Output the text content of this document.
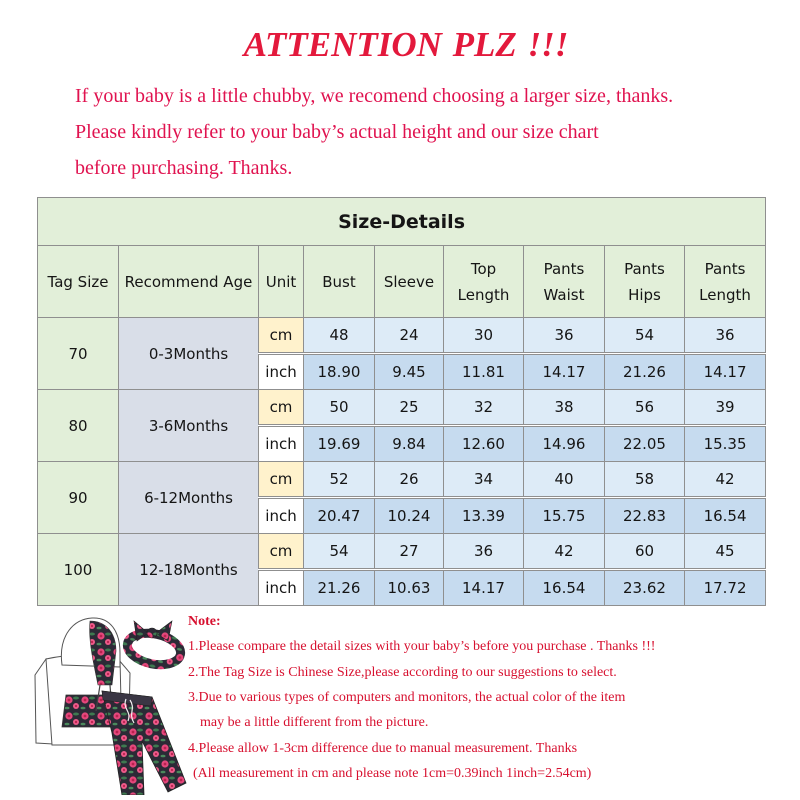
ATTENTION PLZ !!!
If your baby is a little chubby, we recomend choosing a larger size, thanks.
Please kindly refer to your baby’s actual height and our size chart
before purchasing. Thanks.
Size-Details								
Tag Size	Recommend Age	Unit	Bust	Sleeve	Top Length	Pants Waist	Pants Hips	Pants Length
70	0-3Months	cm	48	24	30	36	54	36
		inch	18.90	9.45	11.81	14.17	21.26	14.17
80	3-6Months	cm	50	25	32	38	56	39
		inch	19.69	9.84	12.60	14.96	22.05	15.35
90	6-12Months	cm	52	26	34	40	58	42
		inch	20.47	10.24	13.39	15.75	22.83	16.54
100	12-18Months	cm	54	27	36	42	60	45
		inch	21.26	10.63	14.17	16.54	23.62	17.72
Note:
1.Please compare the detail sizes with your baby’s before you purchase . Thanks !!!
2.The Tag Size is Chinese Size,please according to our suggestions to select.
3.Due to various types of computers and monitors, the actual color of the item
may be a little different from the picture.
4.Please allow 1-3cm difference due to manual measurement. Thanks
(All measurement in cm and please note 1cm=0.39inch 1inch=2.54cm)
